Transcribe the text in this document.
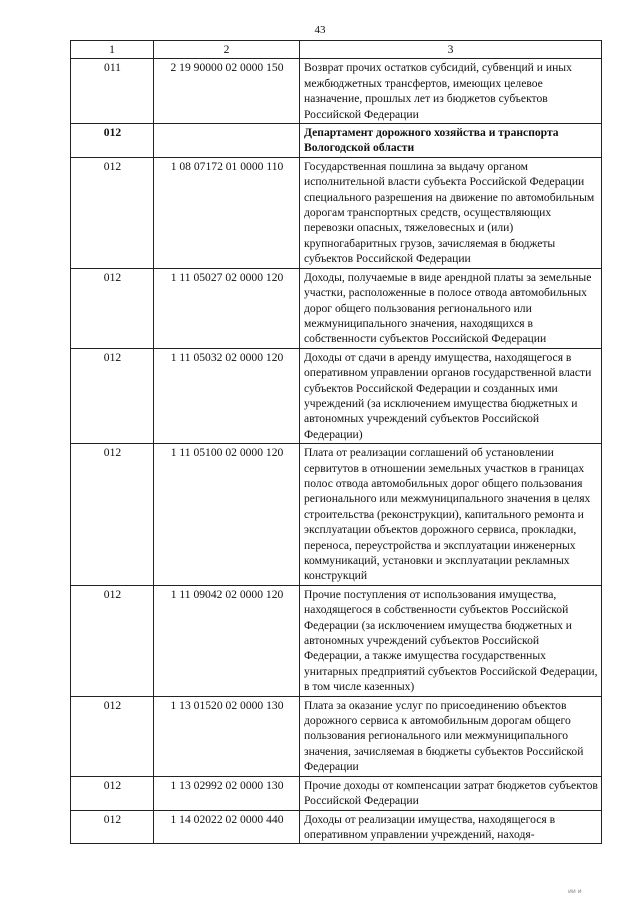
43
1	2	3
011	2 19 90000 02 0000 150	Возврат прочих остатков субсидий, субвенций и иных межбюджетных трансфертов, имеющих целевое назначение, прошлых лет из бюджетов субъектов Российской Федерации
012		Департамент дорожного хозяйства и транспорта Вологодской области
012	1 08 07172 01 0000 110	Государственная пошлина за выдачу органом исполнительной власти субъекта Российской Федерации специального разрешения на движение по автомобильным дорогам транспортных средств, осуществляющих перевозки опасных, тяжеловесных и (или) крупногабаритных грузов, зачисляемая в бюджеты субъектов Российской Федерации
012	1 11 05027 02 0000 120	Доходы, получаемые в виде арендной платы за земельные участки, расположенные в полосе отвода автомобильных дорог общего пользования регионального или межмуниципального значения, находящихся в собственности субъектов Российской Федерации
012	1 11 05032 02 0000 120	Доходы от сдачи в аренду имущества, находящегося в оперативном управлении органов государственной власти субъектов Российской Федерации и созданных ими учреждений (за исключением имущества бюджетных и автономных учреждений субъектов Российской Федерации)
012	1 11 05100 02 0000 120	Плата от реализации соглашений об установлении сервитутов в отношении земельных участков в границах полос отвода автомобильных дорог общего пользования регионального или межмуниципального значения в целях строительства (реконструкции), капитального ремонта и эксплуатации объектов дорожного сервиса, прокладки, переноса, переустройства и эксплуатации инженерных коммуникаций, установки и эксплуатации рекламных конструкций
012	1 11 09042 02 0000 120	Прочие поступления от использования имущества, находящегося в собственности субъектов Российской Федерации (за исключением имущества бюджетных и автономных учреждений субъектов Российской Федерации, а также имущества государственных унитарных предприятий субъектов Российской Федерации, в том числе казенных)
012	1 13 01520 02 0000 130	Плата за оказание услуг по присоединению объектов дорожного сервиса к автомобильным дорогам общего пользования регионального или межмуниципального значения, зачисляемая в бюджеты субъектов Российской Федерации
012	1 13 02992 02 0000 130	Прочие доходы от компенсации затрат бюджетов субъектов Российской Федерации
012	1 14 02022 02 0000 440	Доходы от реализации имущества, находящегося в оперативном управлении учреждений, находя-
ии и
